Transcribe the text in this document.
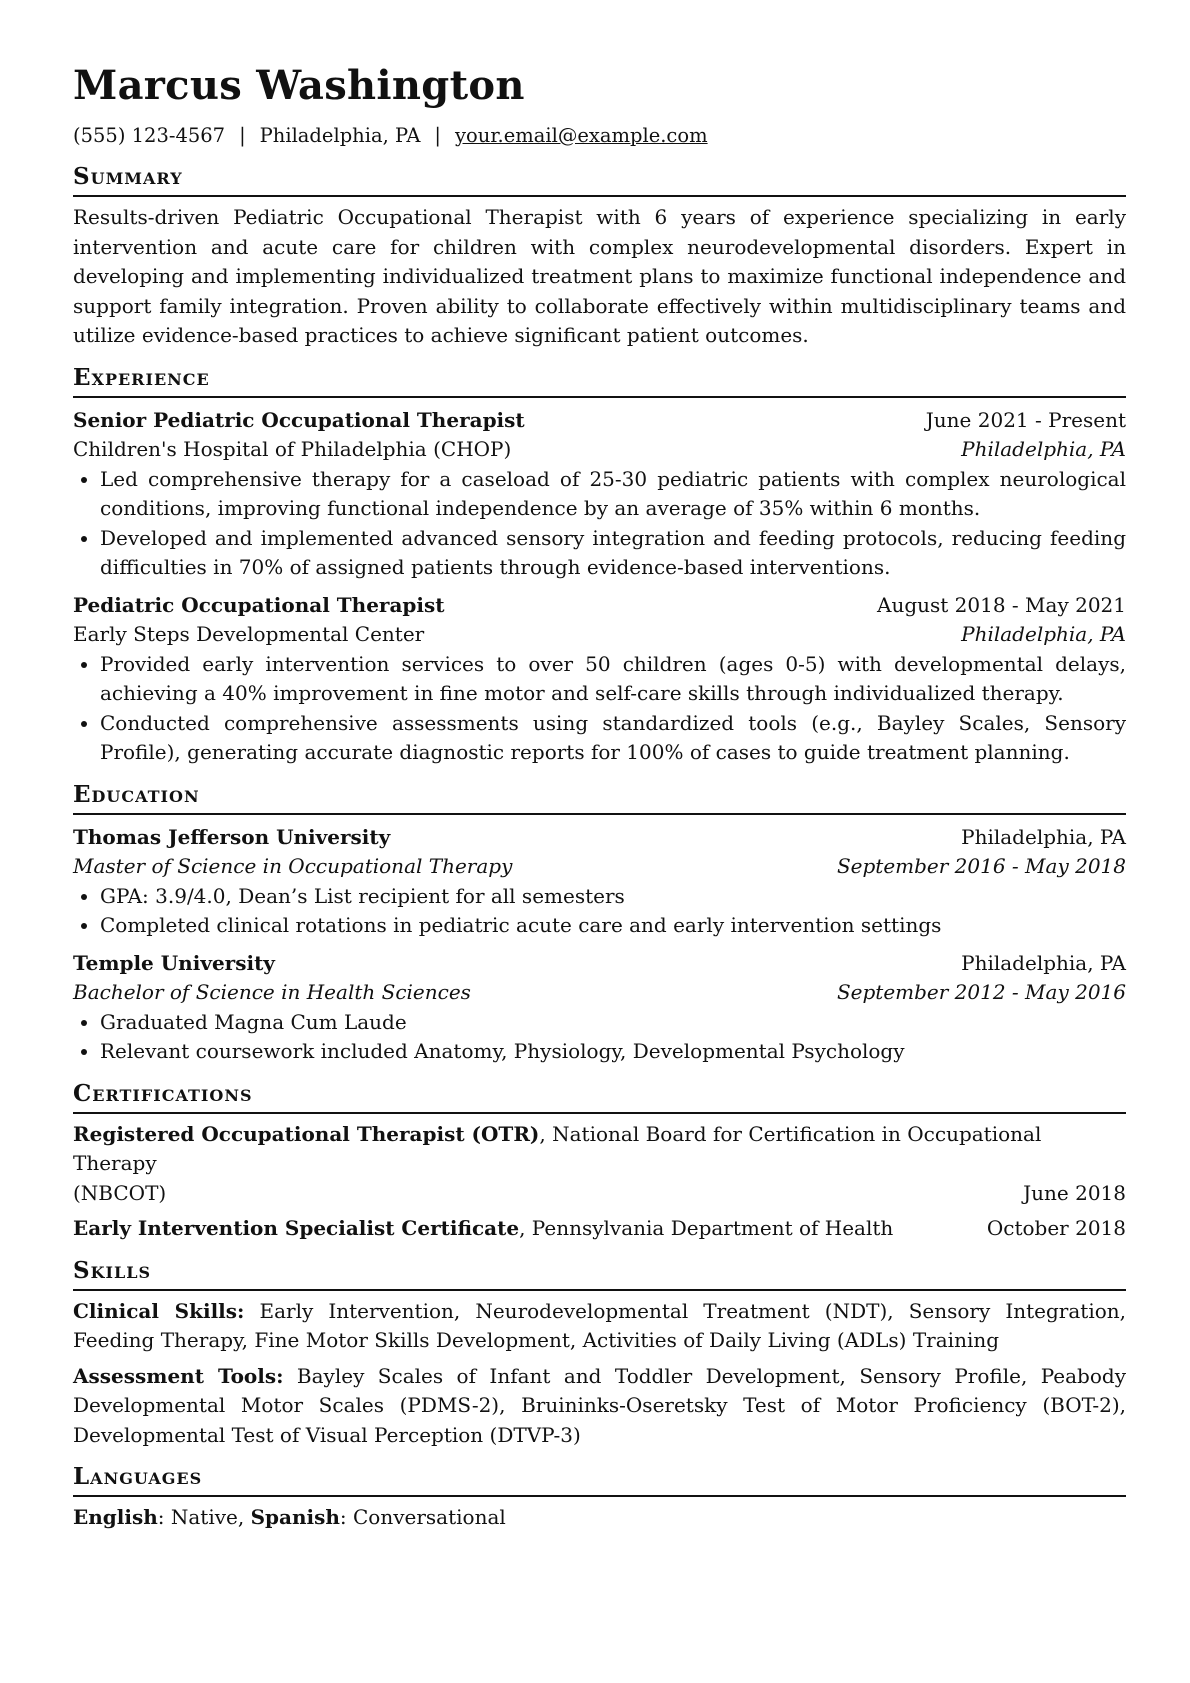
Marcus Washington
(555) 123-4567 | Philadelphia, PA | your.email@example.com
Summary
Results-driven Pediatric Occupational Therapist with 6 years of experience specializing in early intervention and acute care for children with complex neurodevelopmental disorders. Expert in developing and implementing individualized treatment plans to maximize functional independence and support family integration. Proven ability to collaborate effectively within multidisciplinary teams and utilize evidence-based practices to achieve significant patient outcomes.
Experience
Senior Pediatric Occupational Therapist	June 2021 - Present
Children's Hospital of Philadelphia (CHOP)	Philadelphia, PA
Led comprehensive therapy for a caseload of 25-30 pediatric patients with complex neurological conditions, improving functional independence by an average of 35% within 6 months.
Developed and implemented advanced sensory integration and feeding protocols, reducing feeding difficulties in 70% of assigned patients through evidence-based interventions.
Pediatric Occupational Therapist	August 2018 - May 2021
Early Steps Developmental Center	Philadelphia, PA
Provided early intervention services to over 50 children (ages 0-5) with developmental delays, achieving a 40% improvement in fine motor and self-care skills through individualized therapy.
Conducted comprehensive assessments using standardized tools (e.g., Bayley Scales, Sensory Profile), generating accurate diagnostic reports for 100% of cases to guide treatment planning.
Education
Thomas Jefferson University	Philadelphia, PA
Master of Science in Occupational Therapy	September 2016 - May 2018
GPA: 3.9/4.0, Dean’s List recipient for all semesters
Completed clinical rotations in pediatric acute care and early intervention settings
Temple University	Philadelphia, PA
Bachelor of Science in Health Sciences	September 2012 - May 2016
Graduated Magna Cum Laude
Relevant coursework included Anatomy, Physiology, Developmental Psychology
Certifications
Registered Occupational Therapist (OTR), National Board for Certification in Occupational Therapy
(NBCOT)	June 2018
Early Intervention Specialist Certificate, Pennsylvania Department of Health	October 2018
Skills
Clinical Skills: Early Intervention, Neurodevelopmental Treatment (NDT), Sensory Integration, Feeding Therapy, Fine Motor Skills Development, Activities of Daily Living (ADLs) Training
Assessment Tools: Bayley Scales of Infant and Toddler Development, Sensory Profile, Peabody Developmental Motor Scales (PDMS-2), Bruininks-Oseretsky Test of Motor Proficiency (BOT-2), Developmental Test of Visual Perception (DTVP-3)
Languages
English: Native, Spanish: Conversational
